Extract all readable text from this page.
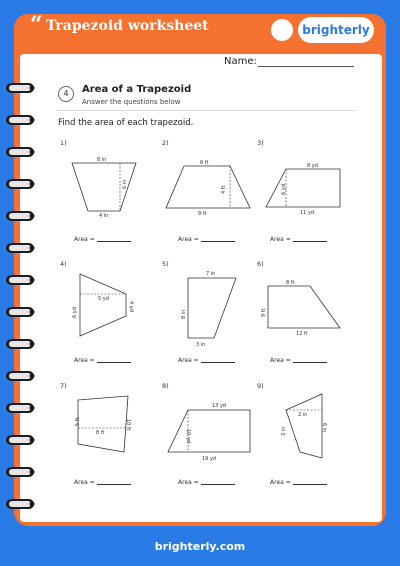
“ Trapezoid worksheet	brighterly
Name:
4	Area of a Trapezoid
Answer the questions below
Find the area of each trapezoid.
1)	2)	3)
4)	5)	6)
7)	8)	9)
8 in
6 in
4 in
6 ft
4 ft
9 ft
8 yd
6 yd
11 yd
5 yd
6 yd
4 yd
7 in
8 in
3 in
8 ft
9 ft
12 ft
5 ft
8 ft
10 ft
13 yd
10 yd
19 yd
2 in
3 in	6 in
Area =	Area =	Area =
Area =	Area =	Area =
Area =	Area =	Area =
brighterly.com
